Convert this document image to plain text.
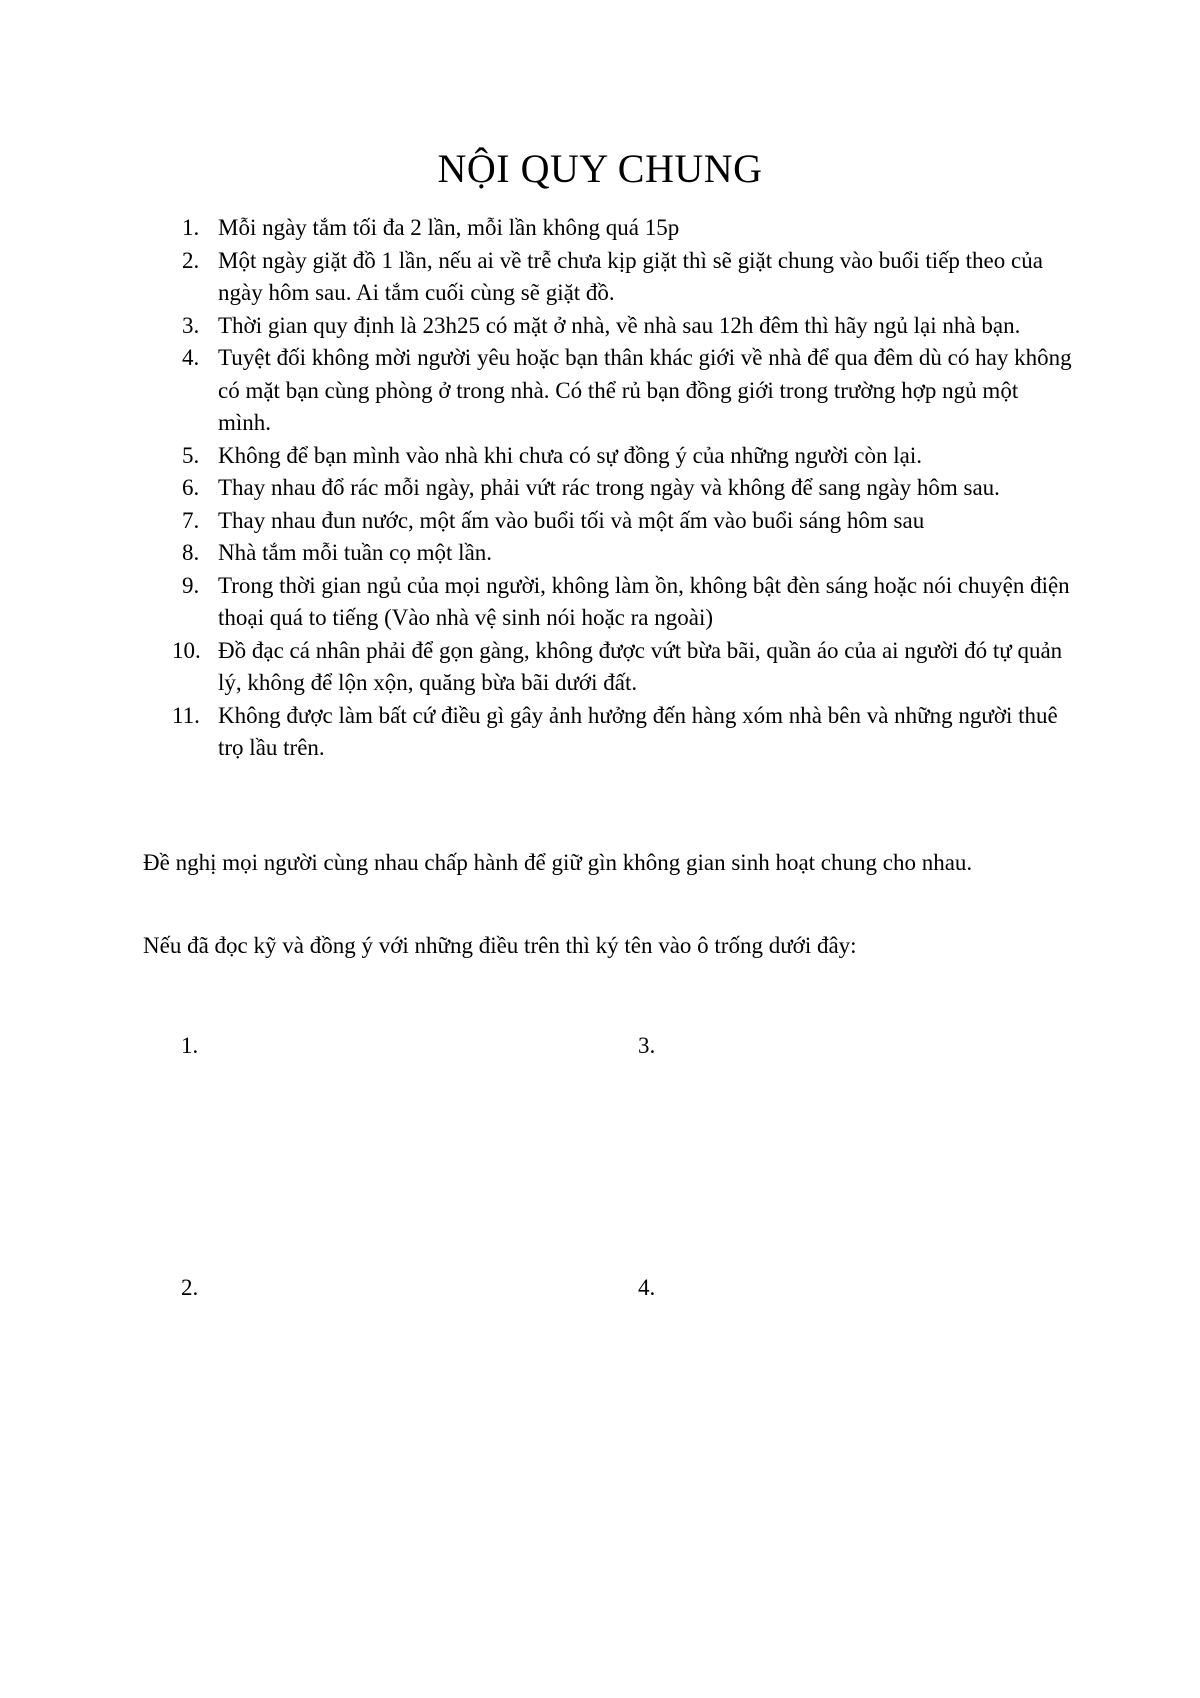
NỘI QUY CHUNG
1. Mỗi ngày tắm tối đa 2 lần, mỗi lần không quá 15p
2. Một ngày giặt đồ 1 lần, nếu ai về trễ chưa kịp giặt thì sẽ giặt chung vào buổi tiếp theo của ngày hôm sau. Ai tắm cuối cùng sẽ giặt đồ.
3. Thời gian quy định là 23h25 có mặt ở nhà, về nhà sau 12h đêm thì hãy ngủ lại nhà bạn.
4. Tuyệt đối không mời người yêu hoặc bạn thân khác giới về nhà để qua đêm dù có hay không có mặt bạn cùng phòng ở trong nhà. Có thể rủ bạn đồng giới trong trường hợp ngủ một mình.
5. Không để bạn mình vào nhà khi chưa có sự đồng ý của những người còn lại.
6. Thay nhau đổ rác mỗi ngày, phải vứt rác trong ngày và không để sang ngày hôm sau.
7. Thay nhau đun nước, một ấm vào buổi tối và một ấm vào buổi sáng hôm sau
8. Nhà tắm mỗi tuần cọ một lần.
9. Trong thời gian ngủ của mọi người, không làm ồn, không bật đèn sáng hoặc nói chuyện điện thoại quá to tiếng (Vào nhà vệ sinh nói hoặc ra ngoài)
10. Đồ đạc cá nhân phải để gọn gàng, không được vứt bừa bãi, quần áo của ai người đó tự quản lý, không để lộn xộn, quăng bừa bãi dưới đất.
11. Không được làm bất cứ điều gì gây ảnh hưởng đến hàng xóm nhà bên và những người thuê trọ lầu trên.

Đề nghị mọi người cùng nhau chấp hành để giữ gìn không gian sinh hoạt chung cho nhau.

Nếu đã đọc kỹ và đồng ý với những điều trên thì ký tên vào ô trống dưới đây:

1.
2.
3.
4.
